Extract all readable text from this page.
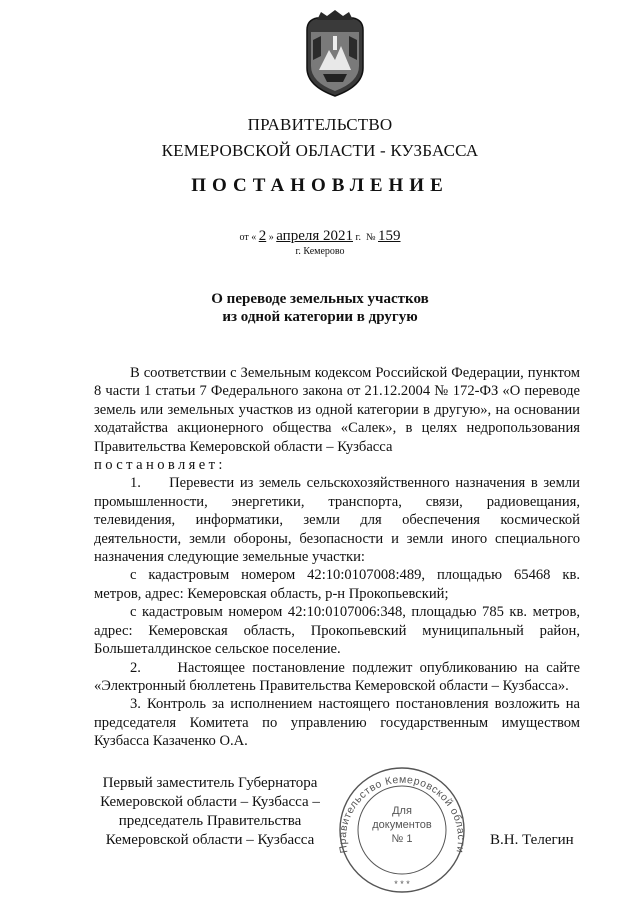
ПРАВИТЕЛЬСТВО
КЕМЕРОВСКОЙ ОБЛАСТИ - КУЗБАССА
ПОСТАНОВЛЕНИЕ
от « 2 » апреля 2021 г. № 159
г. Кемерово
О переводе земельных участков
из одной категории в другую

В соответствии с Земельным кодексом Российской Федерации, пунктом 8 части 1 статьи 7 Федерального закона от 21.12.2004 № 172-ФЗ «О переводе земель или земельных участков из одной категории в другую», на основании ходатайства акционерного общества «Салек», в целях недропользования Правительства Кемеровской области – Кузбасса

постановляет:

1.     Перевести из земель сельскохозяйственного назначения в земли промышленности, энергетики, транспорта, связи, радиовещания, телевидения, информатики, земли для обеспечения космической деятельности, земли обороны, безопасности и земли иного специального назначения следующие земельные участки:

с кадастровым номером 42:10:0107008:489, площадью 65468 кв. метров, адрес: Кемеровская область, р-н Прокопьевский;

с кадастровым номером 42:10:0107006:348, площадью 785 кв. метров, адрес: Кемеровская область, Прокопьевский муниципальный район, Большеталдинское сельское поселение.

2.     Настоящее постановление подлежит опубликованию на сайте «Электронный бюллетень Правительства Кемеровской области – Кузбасса».

3. Контроль за исполнением настоящего постановления возложить на председателя Комитета по управлению государственным имуществом Кузбасса Казаченко О.А.

Первый заместитель Губернатора
Кемеровской области – Кузбасса –
председатель Правительства
Кемеровской области – Кузбасса	В.Н. Телегин
Правительство Кемеровской области
Для
документов
№ 1
* * *
